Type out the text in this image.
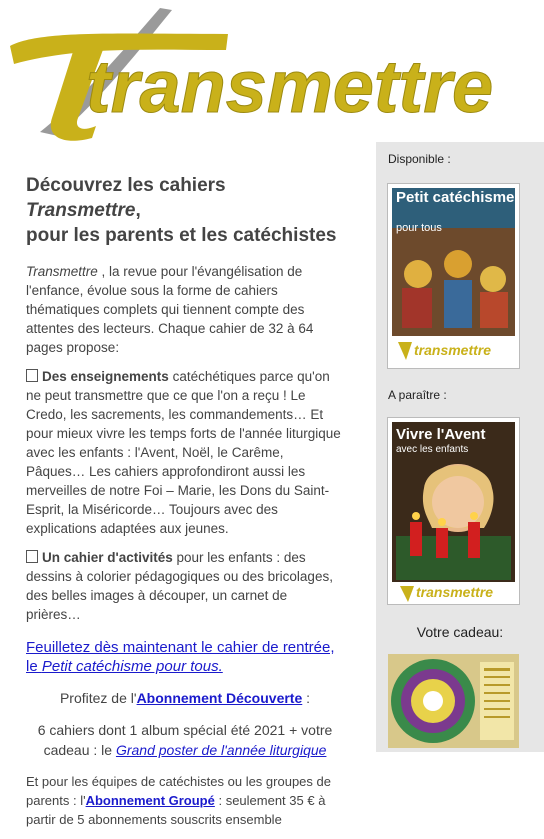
transmettre
Découvrez les cahiers Transmettre,
pour les parents et les catéchistes
Transmettre , la revue pour l'évangélisation de l'enfance, évolue sous la forme de cahiers thématiques complets qui tiennent compte des attentes des lecteurs. Chaque cahier de 32 à 64 pages propose:
Des enseignements catéchétiques parce qu'on ne peut transmettre que ce que l'on a reçu ! Le Credo, les sacrements, les commandements… Et pour mieux vivre les temps forts de l'année liturgique avec les enfants : l'Avent, Noël, le Carême, Pâques… Les cahiers approfondiront aussi les merveilles de notre Foi – Marie, les Dons du Saint-Esprit, la Miséricorde… Toujours avec des explications adaptées aux jeunes.
Un cahier d'activités pour les enfants : des dessins à colorier pédagogiques ou des bricolages, des belles images à découper, un carnet de prières…
Feuilletez dès maintenant le cahier de rentrée, le Petit catéchisme pour tous.
Profitez de l'Abonnement Découverte :
6 cahiers dont 1 album spécial été 2021 + votre cadeau : le Grand poster de l'année liturgique
Et pour les équipes de catéchistes ou les groupes de parents : l'Abonnement Groupé : seulement 35 € à partir de 5 abonnements souscrits ensemble
Disponible :
Petit catéchisme
pour tous
transmettre
A paraître :
Vivre l'Avent
avec les enfants
transmettre
Votre cadeau:
